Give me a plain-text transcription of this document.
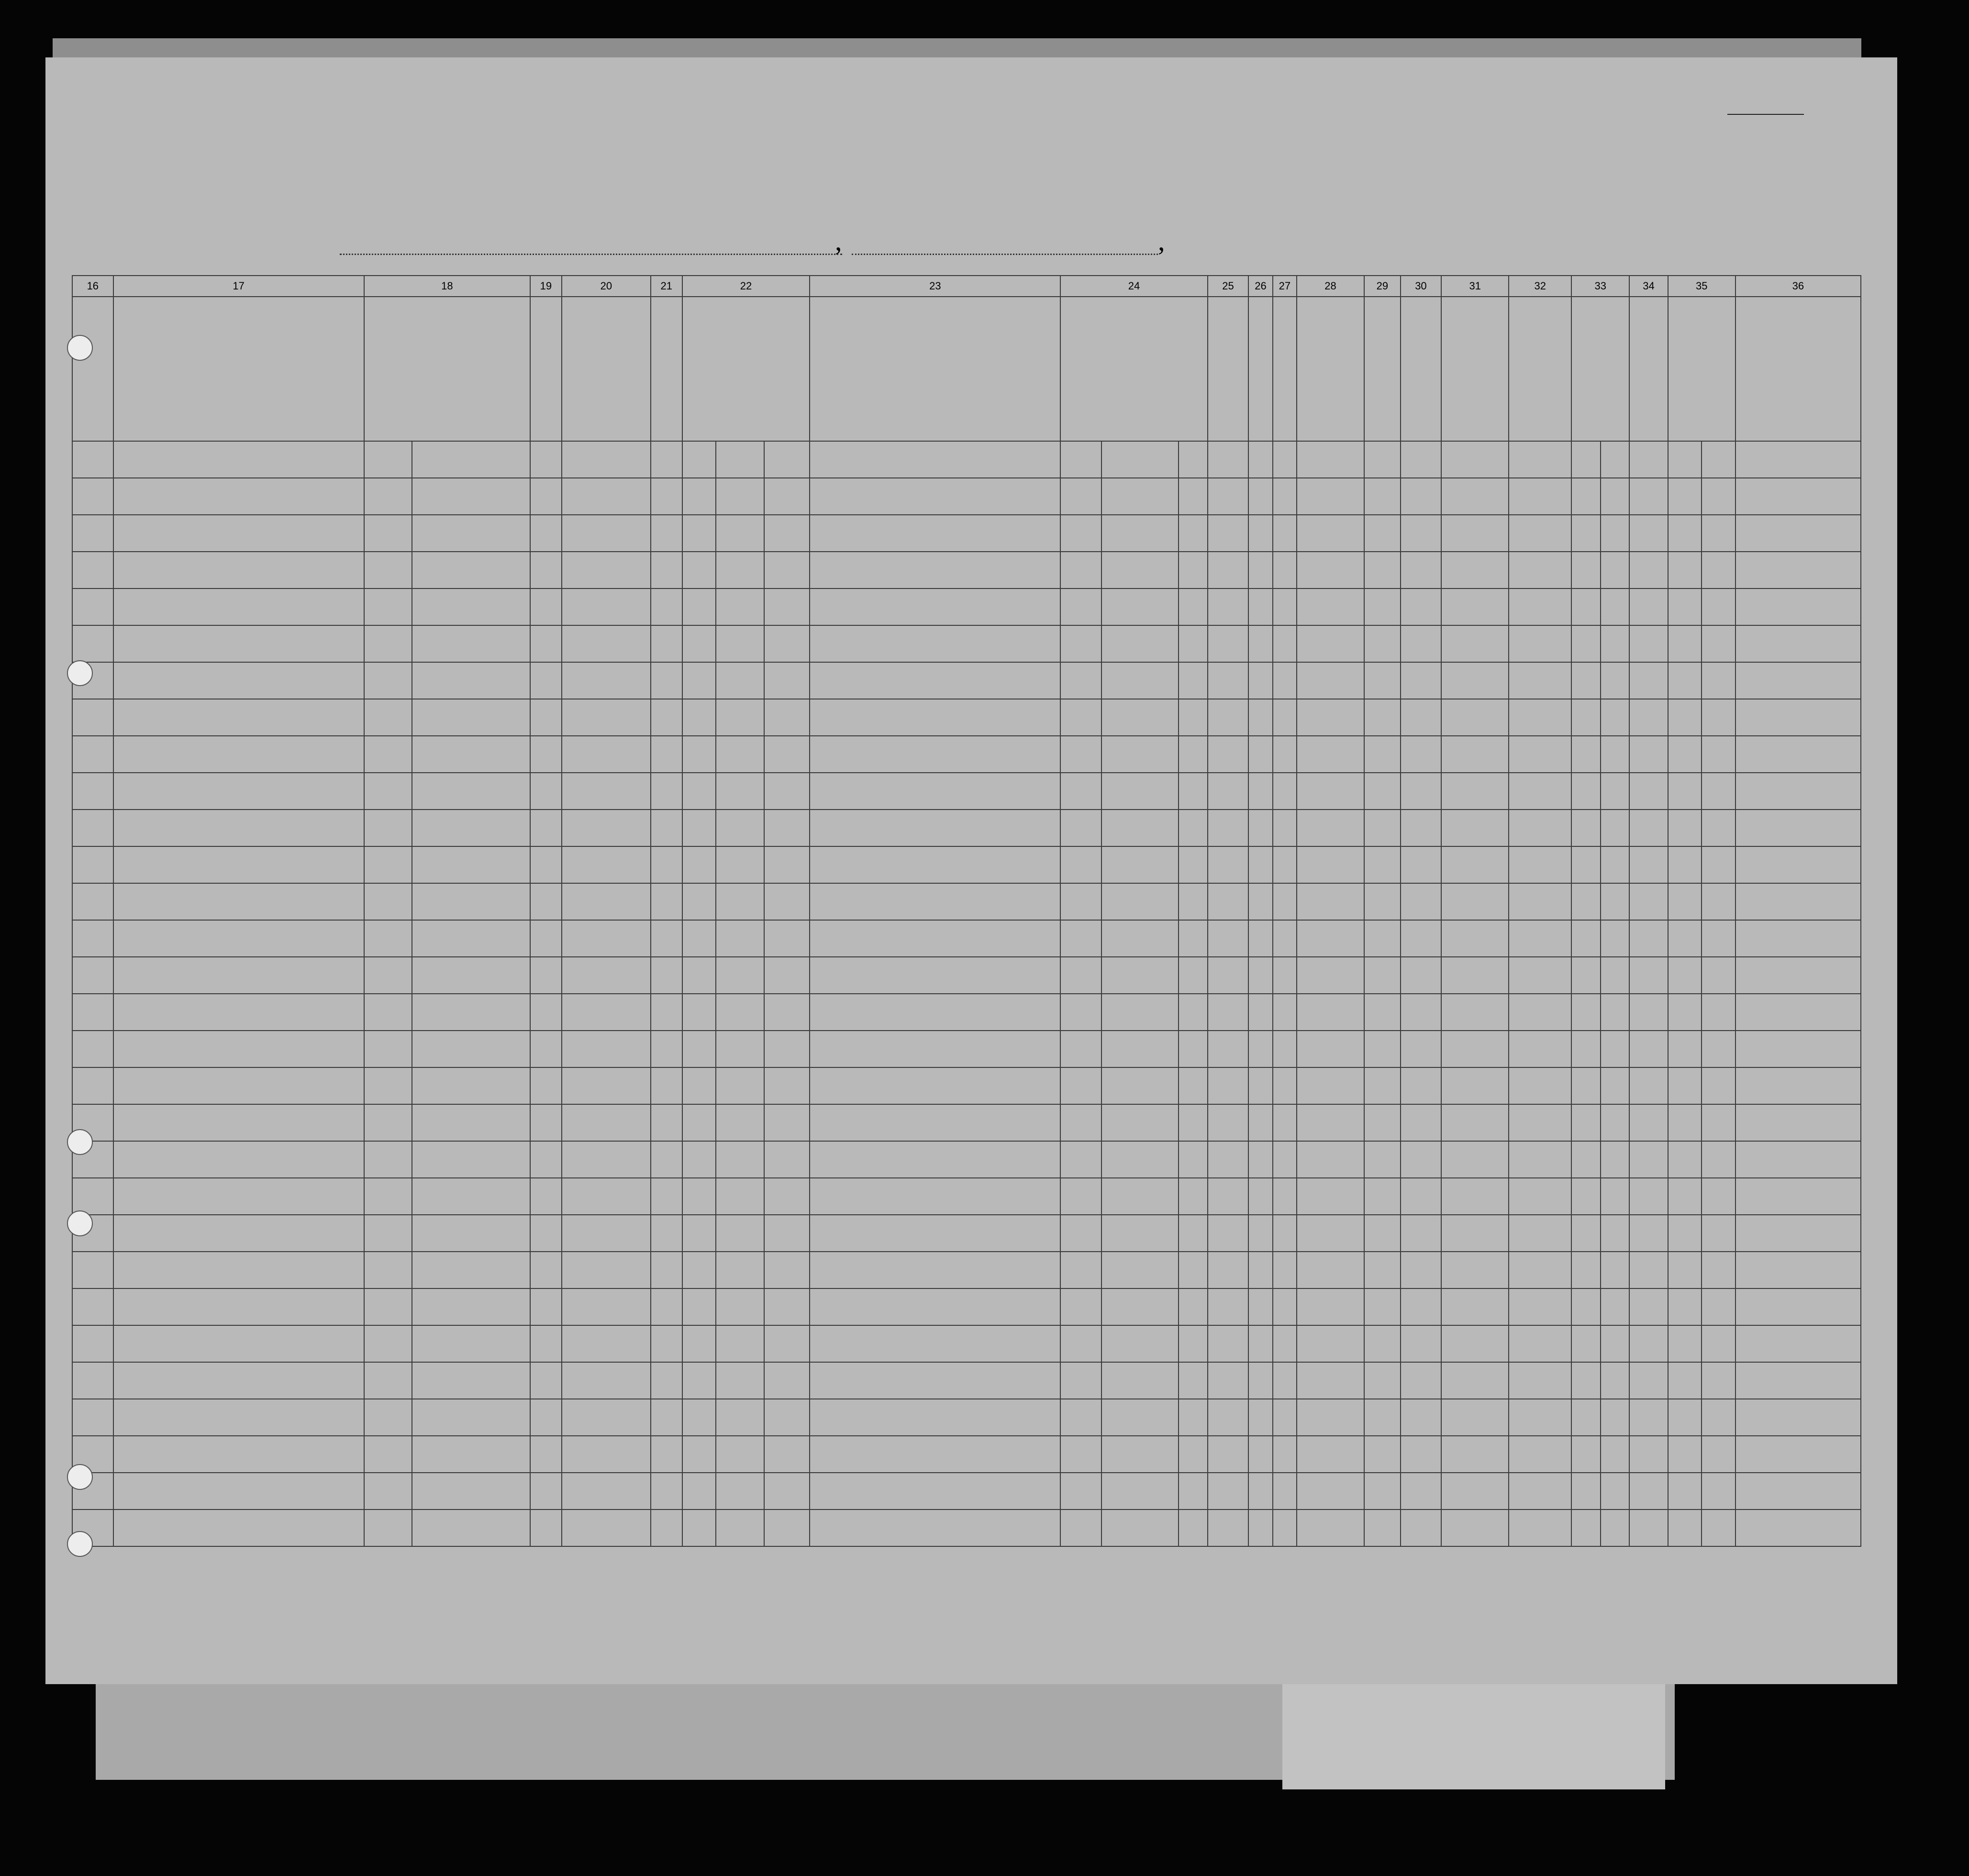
,	,
16	17	18		19	20	21	22			23	24			25	26	27	28	29	30	31	32	33		34	35		36
